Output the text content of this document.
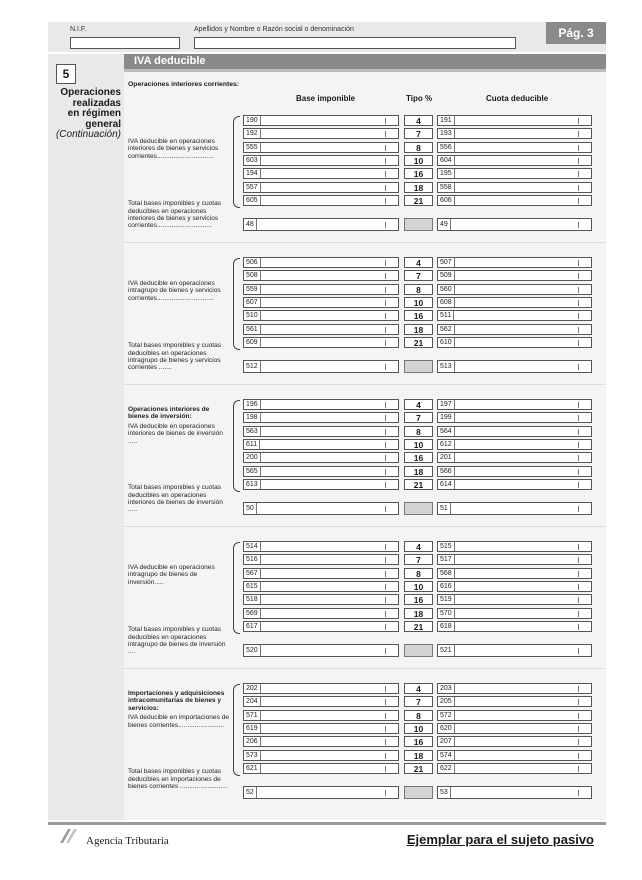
N.I.F.	Apellidos y Nombre o Razón social o denominación	Pág. 3
5
Operaciones
realizadas
en régimen
general
(Continuación)
IVA deducible
Operaciones interiores corrientes:
Base imponible	Tipo %	Cuota deducible
IVA deducible en operaciones interiores de bienes y servicios corrientes...............................
190	4	191
192	7	193
555	8	556
603	10	604
194	16	195
557	18	558
605	21	606
Total bases imponibles y cuotas deducibles en operaciones interiores de bienes y servicios corrientes..............................	48	49
IVA deducible en operaciones intragrupo de bienes y servicios corrientes...............................
506	4	507
508	7	509
559	8	560
607	10	608
510	16	511
561	18	562
609	21	610
Total bases imponibles y cuotas deducibles en operaciones intragrupo de bienes y servicios corrientes .......	512	513
Operaciones interiores de bienes de inversión:
IVA deducible en operaciones interiores de bienes de inversión .....
196	4	197
198	7	199
563	8	564
611	10	612
200	16	201
565	18	566
613	21	614
Total bases imponibles y cuotas deducibles en operaciones interiores de bienes de inversión .....	50	51
IVA deducible en operaciones intragrupo de bienes de inversión.....
514	4	515
516	7	517
567	8	568
615	10	616
518	16	519
569	18	570
617	21	618
Total bases imponibles y cuotas deducibles en operaciones intragrupo de bienes de inversión ....	520	521
Importaciones y adquisiciones intracomunitarias de bienes y servicios:
IVA deducible en importaciones de bienes corrientes.........................
202	4	203
204	7	205
571	8	572
619	10	620
206	16	207
573	18	574
621	21	622
Total bases imponibles y cuotas deducibles en importaciones de bienes corrientes ..........................
52	53
Agencia Tributaria	Ejemplar para el sujeto pasivo
